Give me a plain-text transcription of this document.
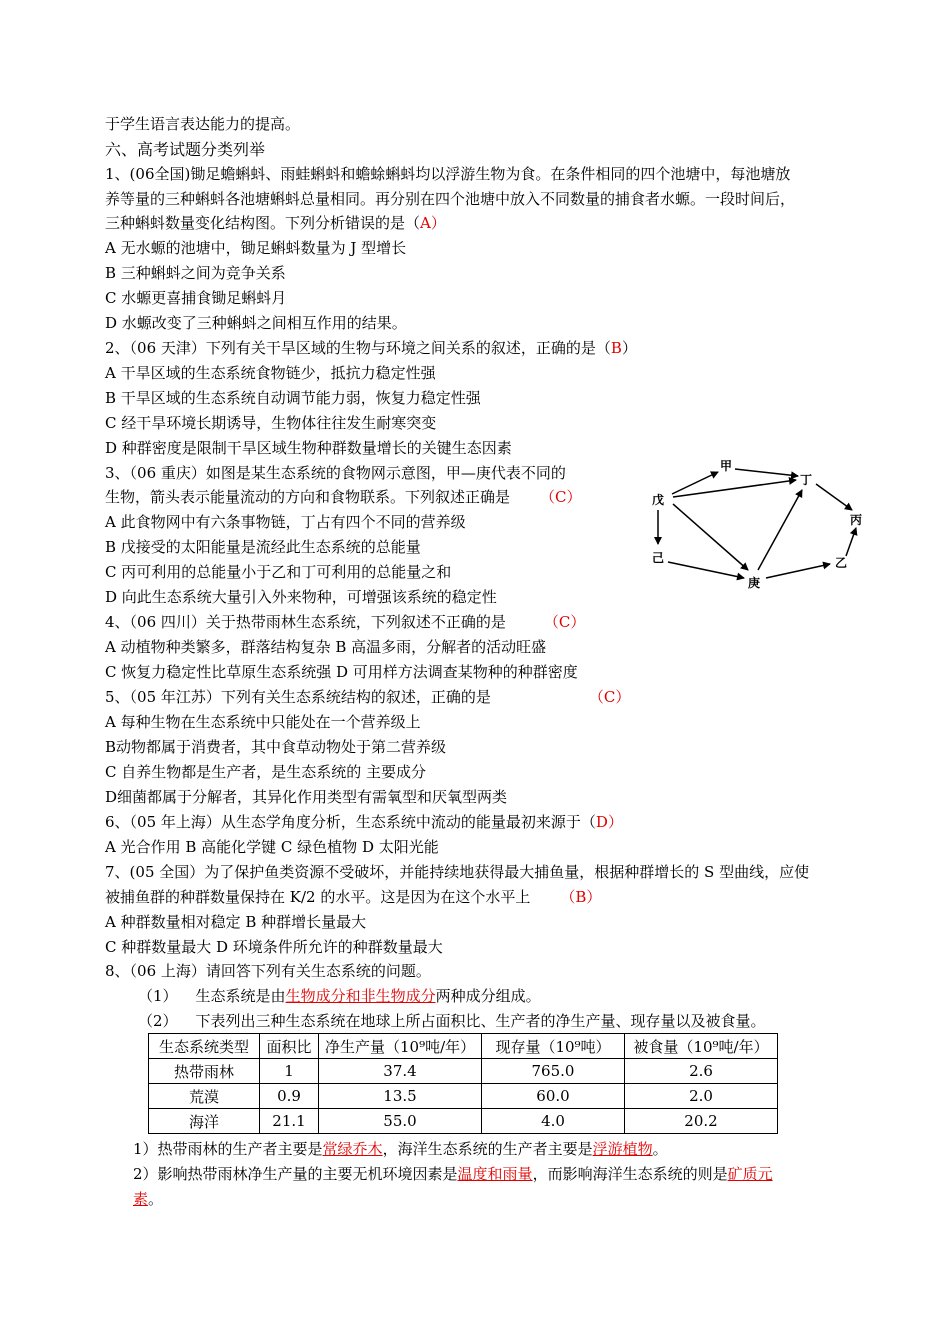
于学生语言表达能力的提高。
六、高考试题分类列举
1、(06全国)锄足蟾蝌蚪、雨蛙蝌蚪和蟾蜍蝌蚪均以浮游生物为食。在条件相同的四个池塘中，每池塘放
养等量的三种蝌蚪各池塘蝌蚪总量相同。再分别在四个池塘中放入不同数量的捕食者水螈。一段时间后，
三种蝌蚪数量变化结构图。下列分析错误的是（A）
A 无水螈的池塘中，锄足蝌蚪数量为 J 型增长
B 三种蝌蚪之间为竞争关系
C 水螈更喜捕食锄足蝌蚪月
D 水螈改变了三种蝌蚪之间相互作用的结果。
2、（06 天津）下列有关干旱区域的生物与环境之间关系的叙述，正确的是（B）
A 干旱区域的生态系统食物链少，抵抗力稳定性强
B 干旱区域的生态系统自动调节能力弱，恢复力稳定性强
C 经干旱环境长期诱导，生物体往往发生耐寒突变
D 种群密度是限制干旱区域生物种群数量增长的关键生态因素
3、（06 重庆）如图是某生态系统的食物网示意图，甲—庚代表不同的
生物，箭头表示能量流动的方向和食物联系。下列叙述正确是 （C）
A 此食物网中有六条事物链，丁占有四个不同的营养级
B 戊接受的太阳能量是流经此生态系统的总能量
C 丙可利用的总能量小于乙和丁可利用的总能量之和
D 向此生态系统大量引入外来物种，可增强该系统的稳定性
甲
乙
丙
丁
戊
己
庚
4、（06 四川）关于热带雨林生态系统，下列叙述不正确的是	（C）
A 动植物种类繁多，群落结构复杂 B 高温多雨，分解者的活动旺盛
C 恢复力稳定性比草原生态系统强 D 可用样方法调查某物种的种群密度
5、（05 年江苏）下列有关生态系统结构的叙述，正确的是	（C）
A 每种生物在生态系统中只能处在一个营养级上
B动物都属于消费者，其中食草动物处于第二营养级
C 自养生物都是生产者，是生态系统的 主要成分
D细菌都属于分解者，其异化作用类型有需氧型和厌氧型两类
6、（05 年上海）从生态学角度分析，生态系统中流动的能量最初来源于（D）
A 光合作用 B 高能化学键 C 绿色植物 D 太阳光能
7、(05 全国）为了保护鱼类资源不受破坏，并能持续地获得最大捕鱼量，根据种群增长的 S 型曲线，应使
被捕鱼群的种群数量保持在 K/2 的水平。这是因为在这个水平上 （B）
A 种群数量相对稳定 B 种群增长量最大
C 种群数量最大 D 环境条件所允许的种群数量最大
8、（06 上海）请回答下列有关生态系统的问题。
（1） 生态系统是由生物成分和非生物成分两种成分组成。
（2） 下表列出三种生态系统在地球上所占面积比、生产者的净生产量、现存量以及被食量。
生态系统类型	面积比	净生产量（10⁹吨/年）	现存量（10⁹吨）	被食量（10⁹吨/年）
热带雨林	1	37.4	765.0	2.6
荒漠	0.9	13.5	60.0	2.0
海洋	21.1	55.0	4.0	20.2
1）热带雨林的生产者主要是常绿乔木，海洋生态系统的生产者主要是浮游植物。
2）影响热带雨林净生产量的主要无机环境因素是温度和雨量，而影响海洋生态系统的则是矿质元
素。
